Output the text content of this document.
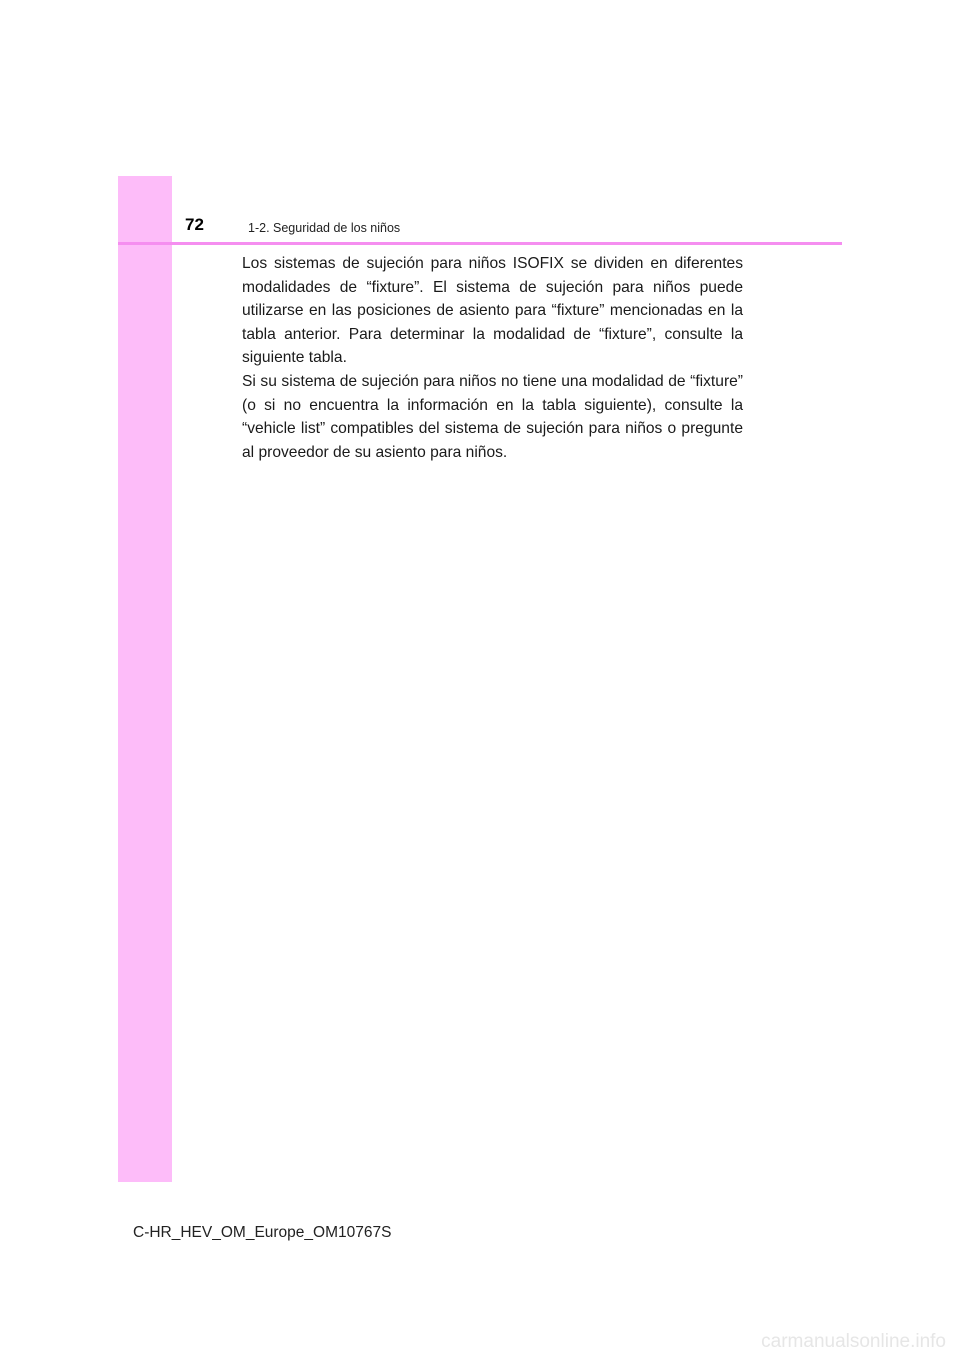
72	1-2. Seguridad de los niños

Los sistemas de sujeción para niños ISOFIX se dividen en diferentes modalidades de “fixture”. El sistema de sujeción para niños puede utilizarse en las posiciones de asiento para “fixture” mencionadas en la tabla anterior. Para determinar la modalidad de “fixture”, consulte la siguiente tabla.

Si su sistema de sujeción para niños no tiene una modalidad de “fixture” (o si no encuentra la información en la tabla siguiente), consulte la “vehicle list” compatibles del sistema de sujeción para niños o pregunte al proveedor de su asiento para niños.

C-HR_HEV_OM_Europe_OM10767S
carmanualsonline.info
